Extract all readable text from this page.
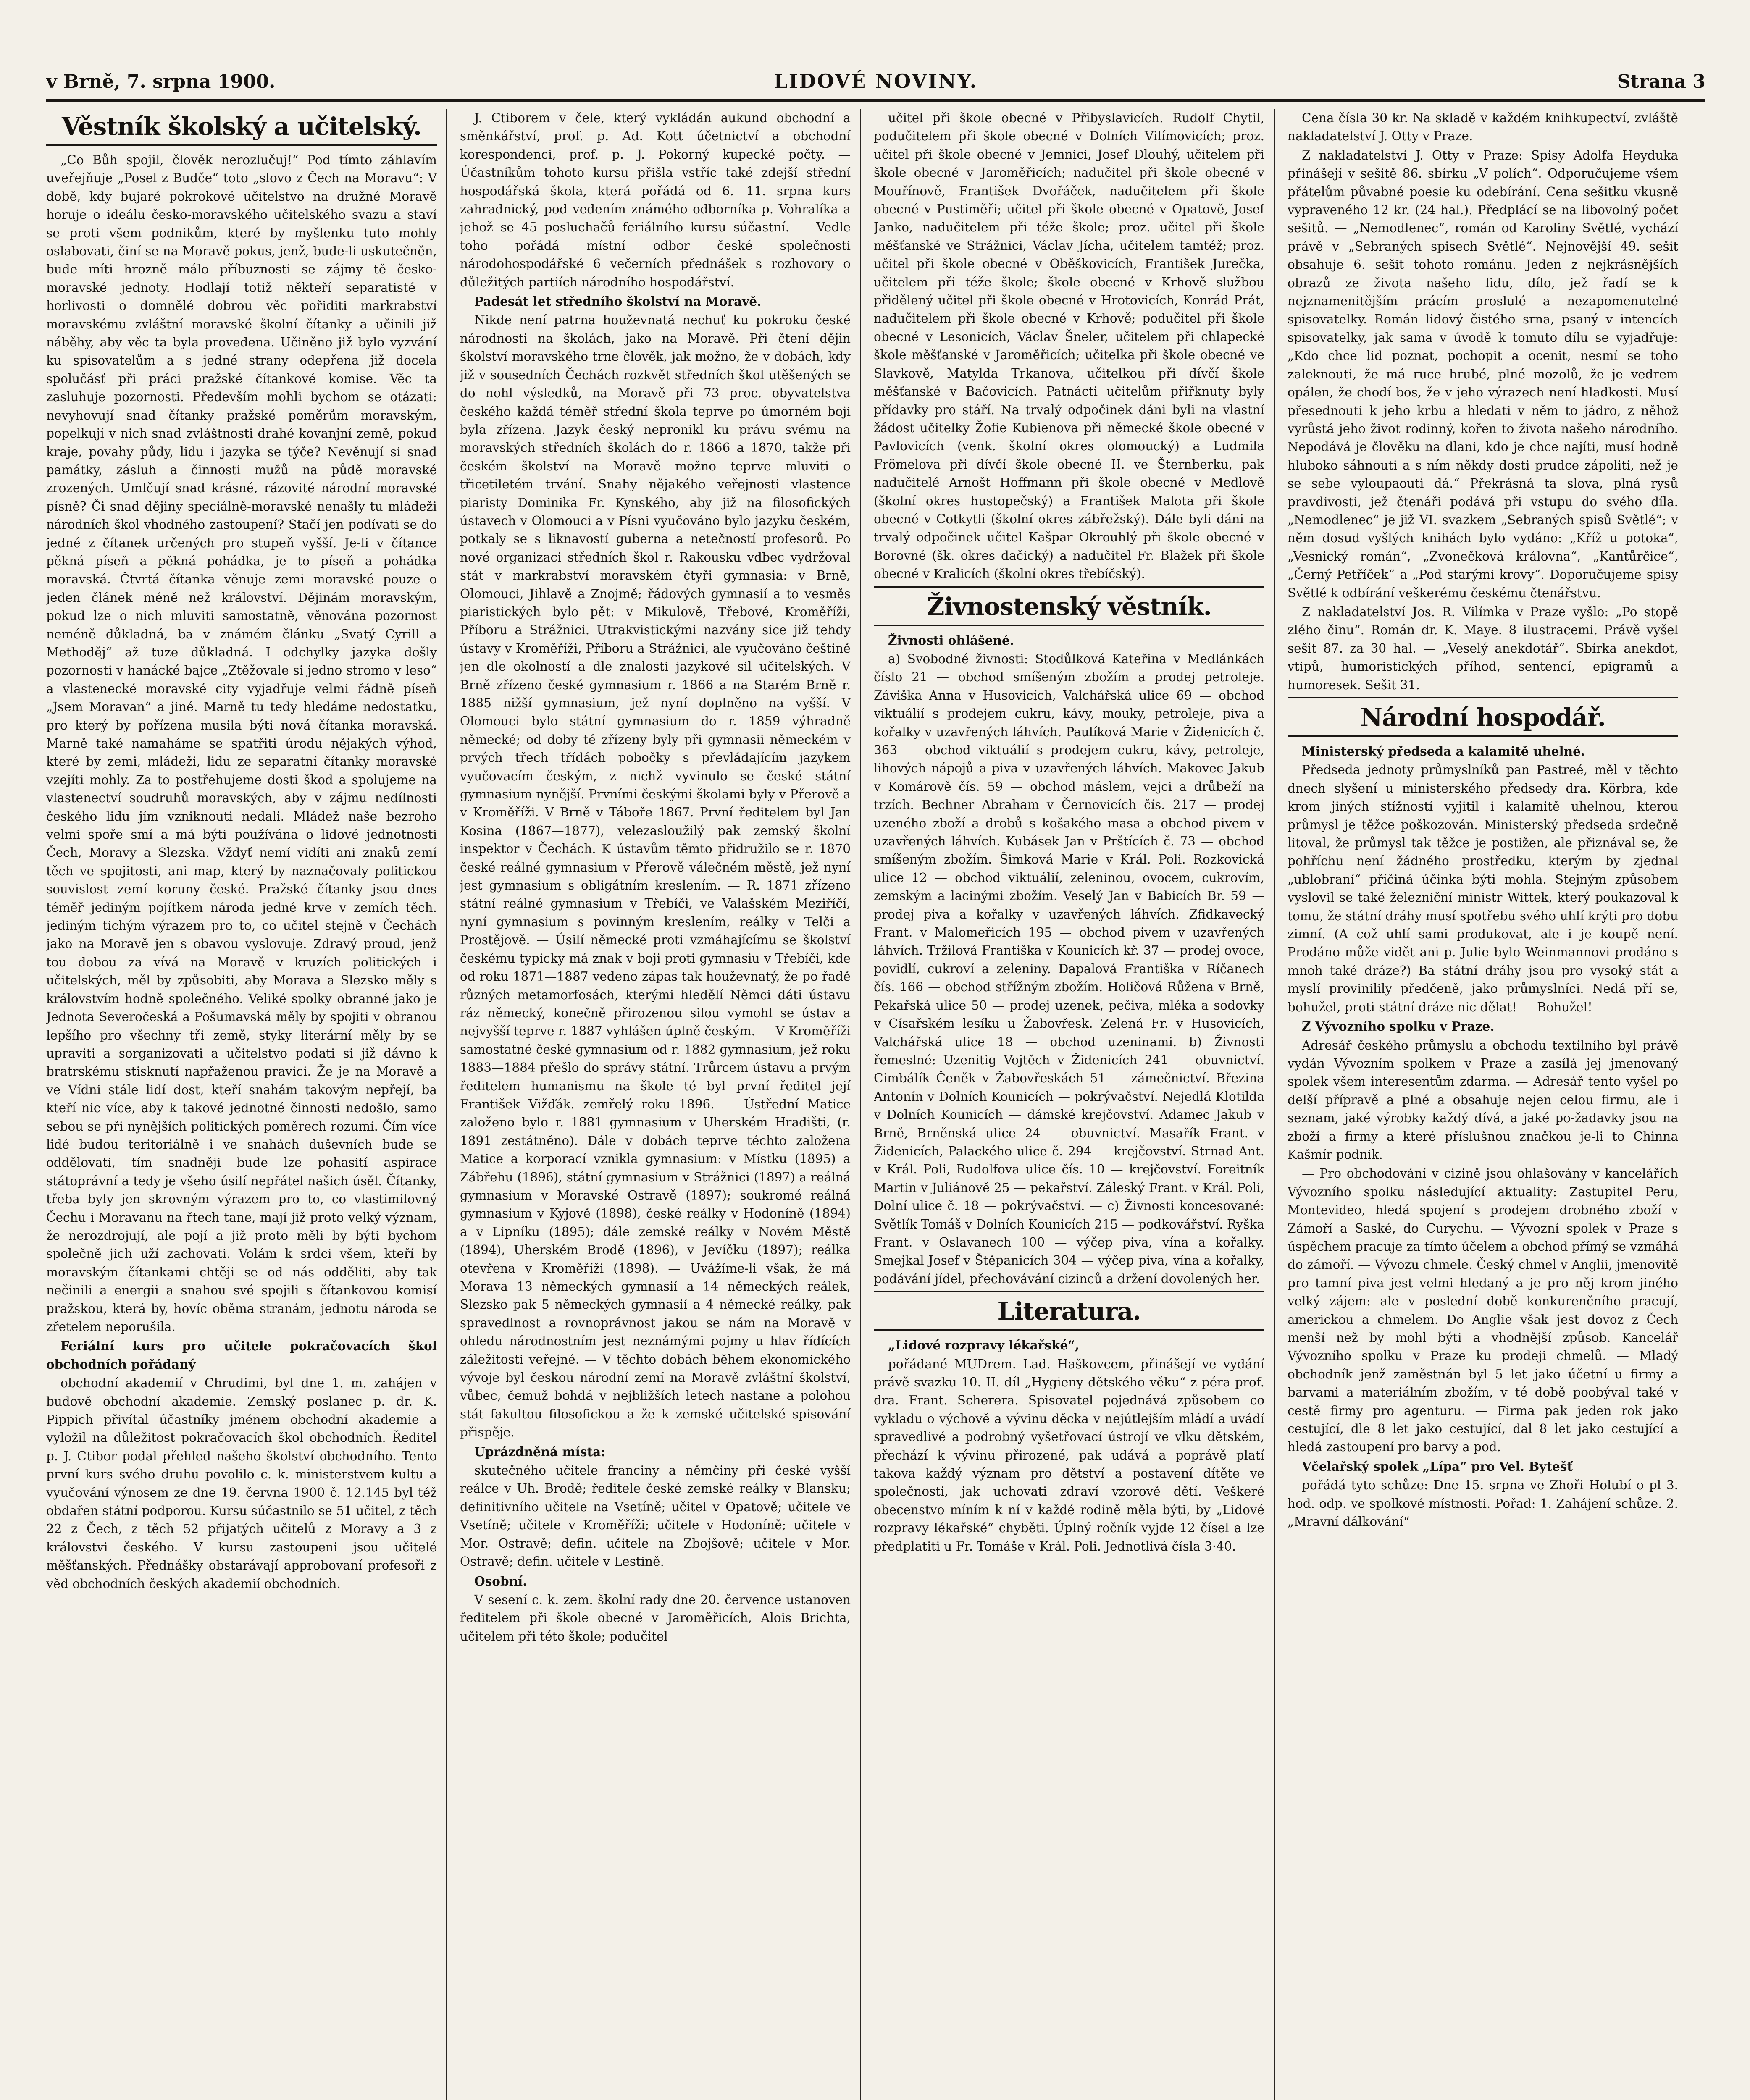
v Brně, 7. srpna 1900.	LIDOVÉ NOVINY.	Strana 3
Věstník školský a učitelský.

„Co Bůh spojil, člověk nerozlučuj!“ Pod tímto záhlavím uveřejňuje „Posel z Budče“ toto „slovo z Čech na Moravu“: V době, kdy bujaré pokrokové učitelstvo na družné Moravě horuje o ideálu česko-moravského učitelského svazu a staví se proti všem podnikům, které by myšlenku tuto mohly oslabovati, činí se na Moravě pokus, jenž, bude-li uskutečněn, bude míti hrozně málo příbuznosti se zájmy tě česko-moravské jednoty. Hodlají totiž někteří separatisté v horlivosti o domnělé dobrou věc pořiditi markrabství moravskému zvláštní moravské školní čítanky a učinili již náběhy, aby věc ta byla provedena. Učiněno již bylo vyzvání ku spisovatelům a s jedné strany odepřena již docela spolučásť při práci pražské čítankové komise. Věc ta zasluhuje pozornosti. Především mohli bychom se otázati: nevyhovují snad čítanky pražské poměrům moravským, popelkují v nich snad zvláštnosti drahé kovanjní země, pokud kraje, povahy půdy, lidu i jazyka se týče? Nevěnují si snad památky, zásluh a činnosti mužů na půdě moravské zrozených. Umlčují snad krásné, rázovité národní moravské písně? Či snad dějiny speciálně-moravské nenašly tu mládeži národních škol vhodného zastoupení? Stačí jen podívati se do jedné z čítanek určených pro stupeň vyšší. Je-li v čítance pěkná píseň a pěkná pohádka, je to píseň a pohádka moravská. Čtvrtá čítanka věnuje zemi moravské pouze o jeden článek méně než království. Dějinám moravským, pokud lze o nich mluviti samostatně, věnována pozornost neméně důkladná, ba v známém článku „Svatý Cyrill a Methoděj“ až tuze důkladná. I odchylky jazyka došly pozornosti v hanácké bajce „Ztěžovale si jedno stromo v leso“ a vlastenecké moravské city vyjadřuje velmi řádně píseň „Jsem Moravan“ a jiné. Marně tu tedy hledáme nedostatku, pro který by pořízena musila býti nová čítanka moravská. Marně také namaháme se spatřiti úrodu nějakých výhod, které by zemi, mládeži, lidu ze separatní čítanky moravské vzejíti mohly. Za to postřehujeme dosti škod a spolujeme na vlastenectví soudruhů moravských, aby v zájmu nedílnosti českého lidu jím vzniknouti nedali. Mládež naše bezroho velmi spoře smí a má býti používána o lidové jednotnosti Čech, Moravy a Slezska. Vždyť nemí vidíti ani znaků zemí těch ve spojitosti, ani map, který by naznačovaly politickou souvislost zemí koruny české. Pražské čítanky jsou dnes téměř jediným pojítkem národa jedné krve v zemích těch. jediným tichým výrazem pro to, co učitel stejně v Čechách jako na Moravě jen s obavou vyslovuje. Zdravý proud, jenž tou dobou za vívá na Moravě v kruzích politických i učitelských, měl by způsobiti, aby Morava a Slezsko měly s královstvím hodně společného. Veliké spolky obranné jako je Jednota Severočeská a Pošumavská měly by spojiti v obranou lepšího pro všechny tři země, styky literární měly by se upraviti a sorganizovati a učitelstvo podati si již dávno k bratrskému stisknutí napřaženou pravici. Že je na Moravě a ve Vídni stále lidí dost, kteří snahám takovým nepřejí, ba kteří nic více, aby k takové jednotné činnosti nedošlo, samo sebou se při nynějších politických poměrech rozumí. Čím více lidé budou teritoriálně i ve snahách duševních bude se oddělovati, tím snadněji bude lze pohasití aspirace státoprávní a tedy je všeho úsilí nepřátel našich úsěl. Čítanky, třeba byly jen skrovným výrazem pro to, co vlastimilovný Čechu i Moravanu na řtech tane, mají již proto velký význam, že nerozdrojují, ale pojí a již proto měli by býti bychom společně jich uží zachovati. Volám k srdci všem, kteří by moravským čítankami chtěji se od nás odděliti, aby tak nečinili a energii a snahou své spojili s čítankovou komisí pražskou, která by, hovíc oběma stranám, jednotu národa se zřetelem neporušila.

Feriální kurs pro učitele pokračovacích škol obchodních pořádaný

obchodní akademií v Chrudimi, byl dne 1. m. zahájen v budově obchodní akademie. Zemský poslanec p. dr. K. Pippich přivítal účastníky jménem obchodní akademie a vyložil na důležitost pokračovacích škol obchodních. Ředitel p. J. Ctibor podal přehled našeho školství obchodního. Tento první kurs svého druhu povolilo c. k. ministerstvem kultu a vyučování výnosem ze dne 19. června 1900 č. 12.145 byl též obdařen státní podporou. Kursu súčastnilo se 51 učitel, z těch 22 z Čech, z těch 52 přijatých učitelů z Moravy a 3 z královstvi českého. V kursu zastoupeni jsou učitelé měšťanských. Přednášky obstarávají approbovaní profesoři z věd obchodních českých akademií obchodních.

J. Ctiborem v čele, který vykládán aukund obchodní a směnkářství, prof. p. Ad. Kott účetnictví a obchodní korespondenci, prof. p. J. Pokorný kupecké počty. — Účastníkům tohoto kursu přišla vstříc také zdejší střední hospodářská škola, která pořádá od 6.—11. srpna kurs zahradnický, pod vedením známého odborníka p. Vohralíka a jehož se 45 posluchačů feriálního kursu súčastní. — Vedle toho pořádá místní odbor české společnosti národohospodářské 6 večerních přednášek s rozhovory o důležitých partiích národního hospodářství.

Padesát let středního školství na Moravě.

Nikde není patrna houževnatá nechuť ku pokroku české národnosti na školách, jako na Moravě. Při čtení dějin školství moravského trne člověk, jak možno, že v dobách, kdy již v sousedních Čechách rozkvět středních škol utěšených se do nohl výsledků, na Moravě při 73 proc. obyvatelstva českého každá téměř střední škola teprve po úmorném boji byla zřízena. Jazyk český nepronikl ku právu svému na moravských středních školách do r. 1866 a 1870, takže při českém školství na Moravě možno teprve mluviti o třicetiletém trvání. Snahy nějakého veřejnosti vlastence piaristy Dominika Fr. Kynského, aby již na filosofických ústavech v Olomouci a v Písni vyučováno bylo jazyku českém, potkaly se s liknavostí guberna a netečností profesorů. Po nové organizaci středních škol r. Rakousku vdbec vydržoval stát v markrabství moravském čtyři gymnasia: v Brně, Olomouci, Jihlavě a Znojmě; řádových gymnasií a to vesměs piaristických bylo pět: v Mikulově, Třebové, Kroměříži, Příboru a Strážnici. Utrakvistickými nazvány sice již tehdy ústavy v Kroměříži, Příboru a Strážnici, ale vyučováno češtině jen dle okolností a dle znalosti jazykové sil učitelských. V Brně zřízeno české gymnasium r. 1866 a na Starém Brně r. 1885 nižší gymnasium, jež nyní doplněno na vyšší. V Olomouci bylo státní gymnasium do r. 1859 výhradně německé; od doby té zřízeny byly při gymnasii německém v prvých třech třídách pobočky s převládajícím jazykem vyučovacím českým, z nichž vyvinulo se české státní gymnasium nynější. Prvními českými školami byly v Přerově a v Kroměříži. V Brně v Táboře 1867. První ředitelem byl Jan Kosina (1867—1877), velezasloužilý pak zemský školní inspektor v Čechách. K ústavům těmto přidružilo se r. 1870 české reálné gymnasium v Přerově válečném městě, jež nyní jest gymnasium s obligátním kreslením. — R. 1871 zřízeno státní reálné gymnasium v Třebíči, ve Valašském Meziříčí, nyní gymnasium s povinným kreslením, reálky v Telči a Prostějově. — Úsilí německé proti vzmáhajícímu se školství českému typicky má znak v boji proti gymnasiu v Třebíči, kde od roku 1871—1887 vedeno zápas tak houževnatý, že po řadě různých metamorfosách, kterými hledělí Němci dáti ústavu ráz německý, konečně přirozenou silou vymohl se ústav a nejvyšší teprve r. 1887 vyhlášen úplně českým. — V Kroměříži samostatné české gymnasium od r. 1882 gymnasium, jež roku 1883—1884 přešlo do správy státní. Trůrcem ústavu a prvým ředitelem humanismu na škole té byl první ředitel její František Vižďák. zemřelý roku 1896. — Ústřední Matice založeno bylo r. 1881 gymnasium v Uherském Hradišti, (r. 1891 zestátněno). Dále v dobách teprve téchto založena Matice a korporací vznikla gymnasium: v Místku (1895) a Zábřehu (1896), státní gymnasium v Strážnici (1897) a reálná gymnasium v Moravské Ostravě (1897); soukromé reálná gymnasium v Kyjově (1898), české reálky v Hodoníně (1894) a v Lipníku (1895); dále zemské reálky v Novém Městě (1894), Uherském Brodě (1896), v Jevíčku (1897); reálka otevřena v Kroměříži (1898). — Uvážíme-li však, že má Morava 13 německých gymnasií a 14 německých reálek, Slezsko pak 5 německých gymnasií a 4 německé reálky, pak spravedlnost a rovnoprávnost jakou se nám na Moravě v ohledu národnostním jest neznámými pojmy u hlav řídících záležitosti veřejné. — V těchto dobách během ekonomického vývoje byl českou národní zemí na Moravě zvláštní školství, vůbec, čemuž bohdá v nejbližších letech nastane a polohou stát fakultou filosofickou a že k zemské učitelské spisování přispěje.

Uprázdněná místa:

skutečného učitele franciny a němčiny při české vyšší reálce v Uh. Brodě; ředitele české zemské reálky v Blansku; definitivního učitele na Vsetíně; učitel v Opatově; učitele ve Vsetíně; učitele v Kroměříži; učitele v Hodoníně; učitele v Mor. Ostravě; defin. učitele na Zbojšově; učitele v Mor. Ostravě; defin. učitele v Lestině.

Osobní.

V sesení c. k. zem. školní rady dne 20. července ustanoven ředitelem při škole obecné v Jaroměřicích, Alois Brichta, učitelem při této škole; podučitel

učitel při škole obecné v Přibyslavicích. Rudolf Chytil, podučitelem při škole obecné v Dolních Vilímovicích; proz. učitel při škole obecné v Jemnici, Josef Dlouhý, učitelem při škole obecné v Jaroměřicích; nadučitel při škole obecné v Mouřínově, František Dvořáček, nadučitelem při škole obecné v Pustiměři; učitel při škole obecné v Opatově, Josef Janko, nadučitelem při téže škole; proz. učitel při škole měšťanské ve Strážnici, Václav Jícha, učitelem tamtéž; proz. učitel při škole obecné v Oběškovicích, František Jurečka, učitelem při téže škole; škole obecné v Krhově službou přidělený učitel při škole obecné v Hrotovicích, Konrád Prát, nadučitelem při škole obecné v Krhově; podučitel při škole obecné v Lesonicích, Václav Šneler, učitelem při chlapecké škole měšťanské v Jaroměřicích; učitelka při škole obecné ve Slavkově, Matylda Trkanova, učitelkou při dívčí škole měšťanské v Bačovicích. Patnácti učitelům přiřknuty byly přídavky pro stáří. Na trvalý odpočinek dáni byli na vlastní žádost učitelky Žofie Kubienova při německé škole obecné v Pavlovicích (venk. školní okres olomoucký) a Ludmila Frömelova při dívčí škole obecné II. ve Šternberku, pak nadučitelé Arnošt Hoffmann při škole obecné v Medlově (školní okres hustopečský) a František Malota při škole obecné v Cotkytli (školní okres zábřežský). Dále byli dáni na trvalý odpočinek učitel Kašpar Okrouhlý při škole obecné v Borovné (šk. okres dačický) a nadučitel Fr. Blažek při škole obecné v Kralicích (školní okres třebíčský).

Živnostenský věstník.

Živnosti ohlášené.

a) Svobodné živnosti: Stodůlková Kateřina v Medlánkách číslo 21 — obchod smíšeným zbožím a prodej petroleje. Záviška Anna v Husovicích, Valchářská ulice 69 — obchod viktuálií s prodejem cukru, kávy, mouky, petroleje, piva a kořalky v uzavřených láhvích. Paulíková Marie v Židenicích č. 363 — obchod viktuálií s prodejem cukru, kávy, petroleje, lihových nápojů a piva v uzavřených láhvích. Makovec Jakub v Komárově čís. 59 — obchod máslem, vejci a drůbeží na trzích. Bechner Abraham v Černovicích čís. 217 — prodej uzeného zboží a drobů s košakého masa a obchod pivem v uzavřených láhvích. Kubásek Jan v Prštících č. 73 — obchod smíšeným zbožím. Šimková Marie v Král. Poli. Rozkovická ulice 12 — obchod viktuálií, zeleninou, ovocem, cukrovím, zemským a lacinými zbožím. Veselý Jan v Babicích Br. 59 — prodej piva a kořalky v uzavřených láhvích. Zfidkavecký Frant. v Malomeřicích 195 — obchod pivem v uzavřených láhvích. Tržilová Františka v Kounicích kř. 37 — prodej ovoce, povidlí, cukroví a zeleniny. Dapalová Františka v Ríčanech čís. 166 — obchod střížným zbožím. Holičová Růžena v Brně, Pekařská ulice 50 — prodej uzenek, pečiva, mléka a sodovky v Císařském lesíku u Žabovřesk. Zelená Fr. v Husovicích, Valchářská ulice 18 — obchod uzeninami. b) Živnosti řemeslné: Uzenitig Vojtěch v Židenicích 241 — obuvnictví. Cimbálík Čeněk v Žabovřeskách 51 — zámečnictví. Březina Antonín v Dolních Kounicích — pokrývačství. Nejedlá Klotilda v Dolních Kounicích — dámské krejčovství. Adamec Jakub v Brně, Brněnská ulice 24 — obuvnictví. Masařík Frant. v Židenicích, Palackého ulice č. 294 — krejčovství. Strnad Ant. v Král. Poli, Rudolfova ulice čís. 10 — krejčovství. Foreitník Martin v Juliánově 25 — pekařství. Záleský Frant. v Král. Poli, Dolní ulice č. 18 — pokrývačství. — c) Živnosti koncesované: Světlík Tomáš v Dolních Kounicích 215 — podkovářství. Ryška Frant. v Oslavanech 100 — výčep piva, vína a kořalky. Smejkal Josef v Štěpanicích 304 — výčep piva, vína a kořalky, podávání jídel, přechovávání cizinců a držení dovolených her.

Literatura.

„Lidové rozpravy lékařské“,

pořádané MUDrem. Lad. Haškovcem, přinášejí ve vydání právě svazku 10. II. díl „Hygieny dětského věku“ z péra prof. dra. Frant. Scherera. Spisovatel pojednává způsobem co vykladu o výchově a vývinu děcka v nejútlejším mládí a uvádí spravedlivé a podrobný vyšetřovací ústrojí ve vlku dětském, přechází k vývinu přirozené, pak udává a poprávě platí takova každý význam pro dětství a postavení dítěte ve společnosti, jak uchovati zdraví vzorově dětí. Veškeré obecenstvo míním k ní v každé rodině měla býti, by „Lidové rozpravy lékařské“ chyběti. Úplný ročník vyjde 12 čísel a lze předplatiti u Fr. Tomáše v Král. Poli. Jednotlivá čísla 3·40.

Cena čísla 30 kr. Na skladě v každém knihkupectví, zvláště nakladatelství J. Otty v Praze.

Z nakladatelství J. Otty v Praze: Spisy Adolfa Heyduka přinášejí v sešitě 86. sbírku „V polích“. Odporučujeme všem přátelům půvabné poesie ku odebírání. Cena sešitku vkusně vypraveného 12 kr. (24 hal.). Předplácí se na libovolný počet sešitů. — „Nemodlenec“, román od Karoliny Světlé, vychází právě v „Sebraných spisech Světlé“. Nejnovější 49. sešit obsahuje 6. sešit tohoto románu. Jeden z nejkrásnějších obrazů ze života našeho lidu, dílo, jež řadí se k nejznamenitějším prácím proslulé a nezapomenutelné spisovatelky. Román lidový čistého srna, psaný v intencích spisovatelky, jak sama v úvodě k tomuto dílu se vyjadřuje: „Kdo chce lid poznat, pochopit a ocenit, nesmí se toho zaleknouti, že má ruce hrubé, plné mozolů, že je vedrem opálen, že chodí bos, že v jeho výrazech není hladkosti. Musí přesednouti k jeho krbu a hledati v něm to jádro, z něhož vyrůstá jeho život rodinný, kořen to života našeho národního. Nepodává je člověku na dlani, kdo je chce najíti, musí hodně hluboko sáhnouti a s ním někdy dosti prudce zápoliti, než je se sebe vyloupaouti dá.“ Překrásná ta slova, plná rysů pravdivosti, jež čtenáři podává při vstupu do svého díla. „Nemodlenec“ je již VI. svazkem „Sebraných spisů Světlé“; v něm dosud vyšlých knihách bylo vydáno: „Kříž u potoka“, „Vesnický román“, „Zvonečková královna“, „Kantůrčice“, „Černý Petříček“ a „Pod starými krovy“. Doporučujeme spisy Světlé k odbírání veškerému českému čtenářstvu.

Z nakladatelství Jos. R. Vilímka v Praze vyšlo: „Po stopě zlého činu“. Román dr. K. Maye. 8 ilustracemi. Právě vyšel sešit 87. za 30 hal. — „Veselý anekdotář“. Sbírka anekdot, vtipů, humoristických příhod, sentencí, epigramů a humoresek. Sešit 31.

Národní hospodář.

Ministerský předseda a kalamitě uhelné.

Předseda jednoty průmyslníků pan Pastreé, měl v těchto dnech slyšení u ministerského předsedy dra. Körbra, kde krom jiných stížností vyjitil i kalamitě uhelnou, kterou průmysl je těžce poškozován. Ministerský předseda srdečně litoval, že průmysl tak těžce je postižen, ale přiznával se, že pohříchu není žádného prostředku, kterým by zjednal „ublobraní“ příčiná účinka býti mohla. Stejným způsobem vyslovil se také železniční ministr Wittek, který poukazoval k tomu, že státní dráhy musí spotřebu svého uhlí krýti pro dobu zimní. (A což uhlí sami produkovat, ale i je koupě není. Prodáno může vidět ani p. Julie bylo Weinmannovi prodáno s mnoh také dráze?) Ba státní dráhy jsou pro vysoký stát a myslí provinilily předčeně, jako průmyslníci. Nedá pří se, bohužel, proti státní dráze nic dělat! — Bohužel!

Z Vývozního spolku v Praze.

Adresář českého průmyslu a obchodu textilního byl právě vydán Vývozním spolkem v Praze a zasílá jej jmenovaný spolek všem interesentům zdarma. — Adresář tento vyšel po delší přípravě a plné a obsahuje nejen celou firmu, ale i seznam, jaké výrobky každý dívá, a jaké po-žadavky jsou na zboží a firmy a které příslušnou značkou je-li to Chinna Kašmír podnik.

— Pro obchodování v cizině jsou ohlašovány v kancelářích Vývozního spolku následující aktuality: Zastupitel Peru, Montevideo, hledá spojení s prodejem drobného zboží v Zámoří a Saské, do Curychu. — Vývozní spolek v Praze s úspěchem pracuje za tímto účelem a obchod přímý se vzmáhá do zámoří. — Vývozu chmele. Český chmel v Anglii, jmenovitě pro tamní piva jest velmi hledaný a je pro něj krom jiného velký zájem: ale v poslední době konkurenčního pracují, americkou a chmelem. Do Anglie však jest dovoz z Čech menší než by mohl býti a vhodnější způsob. Kancelář Vývozního spolku v Praze ku prodeji chmelů. — Mladý obchodník jenž zaměstnán byl 5 let jako účetní u firmy a barvami a materiálním zbožím, v té době poobýval také v cestě firmy pro agenturu. — Firma pak jeden rok jako cestující, dle 8 let jako cestující, dal 8 let jako cestující a hledá zastoupení pro barvy a pod.

Včelařský spolek „Lípa“ pro Vel. Bytešť

pořádá tyto schůze: Dne 15. srpna ve Zhoři Holubí o pl 3. hod. odp. ve spolkové místnosti. Pořad: 1. Zahájení schůze. 2. „Mravní dálkování“
